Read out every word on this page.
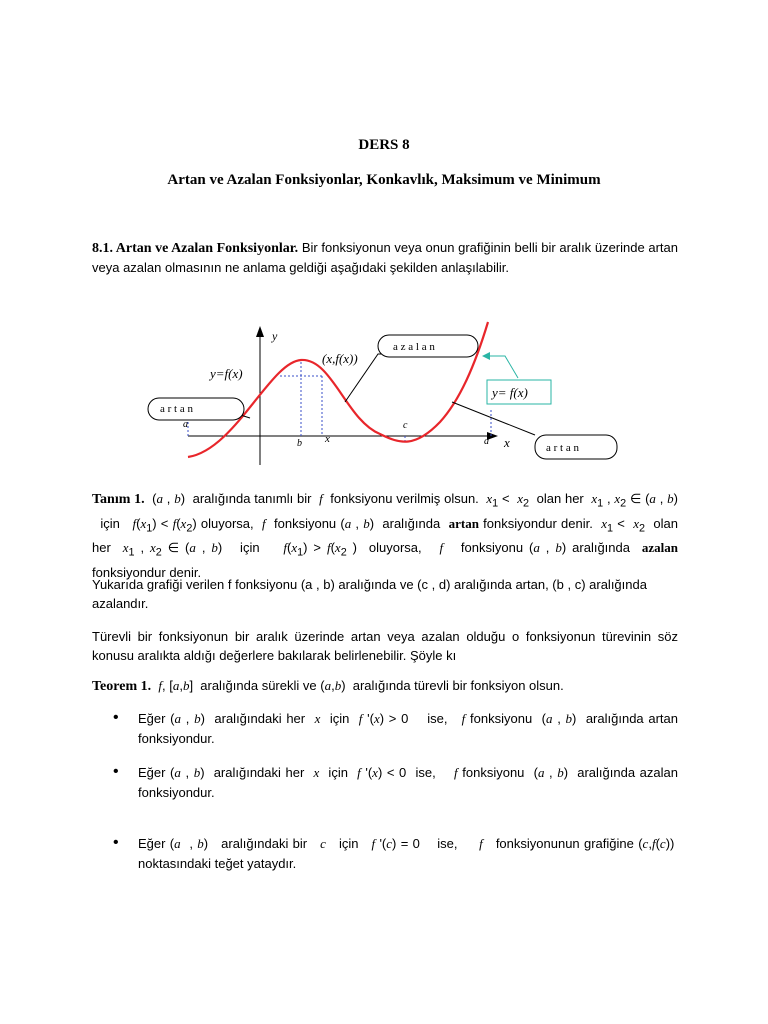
DERS 8
Artan ve Azalan Fonksiyonlar, Konkavlık, Maksimum ve Minimum
8.1. Artan ve Azalan Fonksiyonlar. Bir fonksiyonun veya onun grafiğinin belli bir aralık üzerinde artan veya azalan olmasının ne anlama geldiği aşağıdaki şekilden anlaşılabilir.
a r t a n
a z a l a n
a r t a n
y= f(x)
y=f(x)
(x,f(x))
y
x
a
b x
c
d
Tanım 1.  (a , b)  aralığında tanımlı bir  f  fonksiyonu verilmiş olsun.  $x_1 < x_2$  olan her  $x_1$ , $x_2$ ∈ (a , b)   için   $f(x_1) < f(x_2)$ oluyorsa,  f  fonksiyonu (a , b)  aralığında  artan fonksiyondur denir.  $x_1 < x_2$  olan her  $x_1$ , $x_2$ ∈ (a , b)   için    $f(x_1) > f(x_2$ )  oluyorsa,   f   fonksiyonu (a , b) aralığında  azalan fonksiyondur denir.
Yukarıda grafiği verilen f fonksiyonu (a , b) aralığında ve (c , d) aralığında artan, (b , c) aralığında azalandır.
Türevli bir fonksiyonun bir aralık üzerinde artan veya azalan olduğu o fonksiyonun türevinin söz konusu aralıkta aldığı değerlere bakılarak belirlenebilir. Şöyle kı
Teorem 1. f, [a,b]  aralığında sürekli ve (a,b)  aralığında türevli bir fonksiyon olsun.
• Eğer (a , b)  aralığındaki her  x  için  f '(x) > 0    ise,   f fonksiyonu  (a , b)  aralığında artan fonksiyondur.
• Eğer (a , b)  aralığındaki her  x  için  f '(x) < 0  ise,    f fonksiyonu  (a , b)  aralığında azalan fonksiyondur.
• Eğer (a  , b)   aralığındaki bir   c   için   f '(c) = 0    ise,     f   fonksiyonunun grafiğine (c,f(c))  noktasındaki teğet yataydır.
